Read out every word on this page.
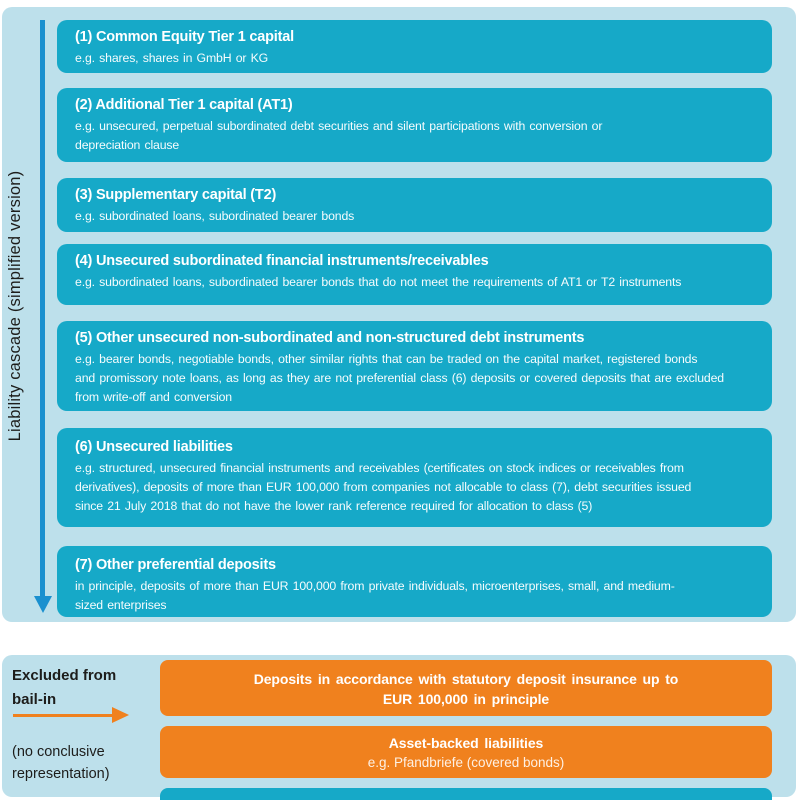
Liability cascade (simplified version)
(1) Common Equity Tier 1 capital
e.g. shares, shares in GmbH or KG
(2) Additional Tier 1 capital (AT1)
e.g. unsecured, perpetual subordinated debt securities and silent participations with conversion or
depreciation clause
(3) Supplementary capital (T2)
e.g. subordinated loans, subordinated bearer bonds
(4) Unsecured subordinated financial instruments/receivables
e.g. subordinated loans, subordinated bearer bonds that do not meet the requirements of AT1 or T2 instruments
(5) Other unsecured non-subordinated and non-structured debt instruments
e.g. bearer bonds, negotiable bonds, other similar rights that can be traded on the capital market, registered bonds
and promissory note loans, as long as they are not preferential class (6) deposits or covered deposits that are excluded
from write-off and conversion
(6) Unsecured liabilities
e.g. structured, unsecured financial instruments and receivables (certificates on stock indices or receivables from
derivatives), deposits of more than EUR 100,000 from companies not allocable to class (7), debt securities issued
since 21 July 2018 that do not have the lower rank reference required for allocation to class (5)
(7) Other preferential deposits
in principle, deposits of more than EUR 100,000 from private individuals, microenterprises, small, and medium-
sized enterprises
Excluded from
bail-in
(no conclusive
representation)
Deposits in accordance with statutory deposit insurance up to
EUR 100,000 in principle
Asset-backed liabilities
e.g. Pfandbriefe (covered bonds)
